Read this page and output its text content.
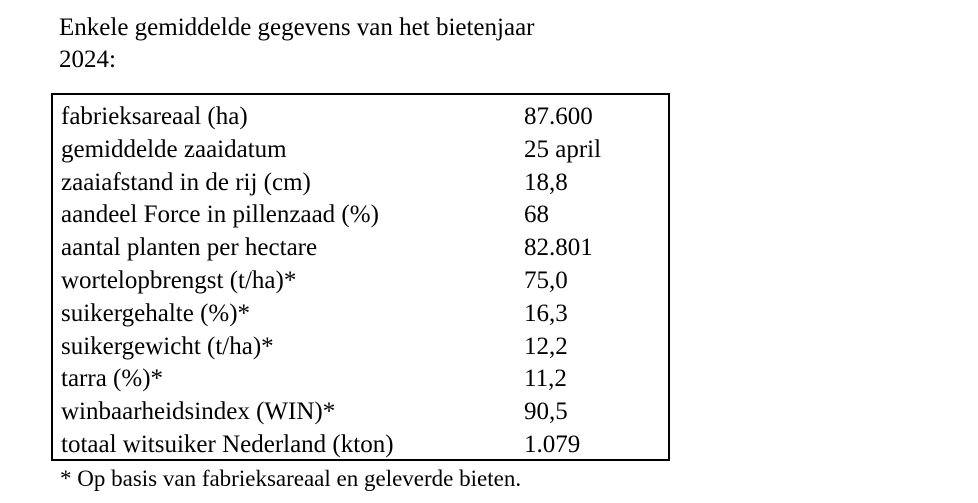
Enkele gemiddelde gegevens van het bietenjaar
2024:
fabrieksareaal (ha)	87.600
gemiddelde zaaidatum	25 april
zaaiafstand in de rij (cm)	18,8
aandeel Force in pillenzaad (%)	68
aantal planten per hectare	82.801
wortelopbrengst (t/ha)*	75,0
suikergehalte (%)*	16,3
suikergewicht (t/ha)*	12,2
tarra (%)*	11,2
winbaarheidsindex (WIN)*	90,5
totaal witsuiker Nederland (kton)	1.079
* Op basis van fabrieksareaal en geleverde bieten.
